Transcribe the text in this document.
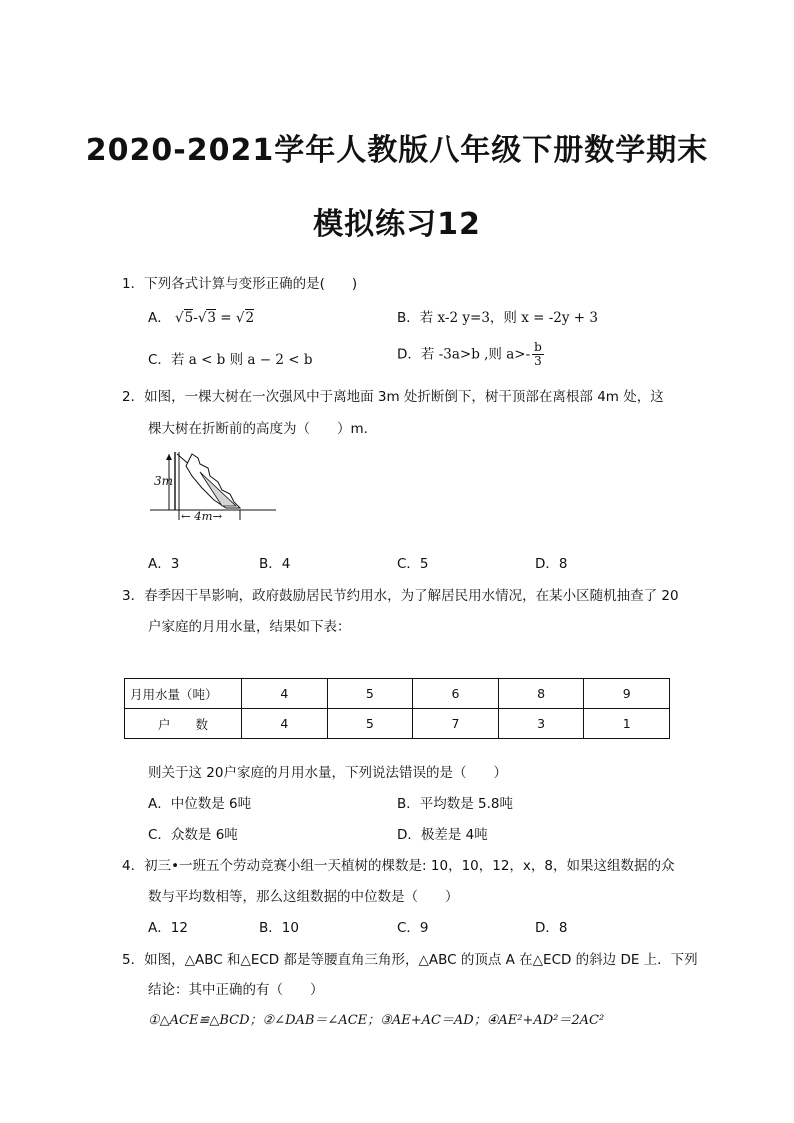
2020-2021学年人教版八年级下册数学期末
模拟练习12
1．下列各式计算与变形正确的是(　　)
A． √5-√3 = √2	B．若 x-2 y=3，则 x = -2y + 3
C．若 a < b 则 a − 2 < b	D．若 -3a>b ,则 $a>- \frac{b}{3}$
2．如图，一棵大树在一次强风中于离地面 3m 处折断倒下，树干顶部在离根部 4m 处，这
棵大树在折断前的高度为（　　）m．
3m
← 4m→
A．3	B．4	C．5	D．8
3．春季因干旱影响，政府鼓励居民节约用水，为了解居民用水情况，在某小区随机抽查了 20
户家庭的月用水量，结果如下表：
月用水量（吨）	4	5	6	8	9
户　　数	4	5	7	3	1
则关于这 20户家庭的月用水量，下列说法错误的是（　　）
A．中位数是 6吨	B．平均数是 5.8吨
C．众数是 6吨	D．极差是 4吨
4．初三•一班五个劳动竞赛小组一天植树的棵数是: 10，10，12，x，8，如果这组数据的众
数与平均数相等，那么这组数据的中位数是（　　）
A．12	B．10	C．9	D．8
5．如图，△ABC 和△ECD 都是等腰直角三角形，△ABC 的顶点 A 在△ECD 的斜边 DE 上．下列
结论：其中正确的有（　　）
①△ACE≌△BCD；②∠DAB＝∠ACE；③AE+AC＝AD；④AE²+AD²＝2AC²
